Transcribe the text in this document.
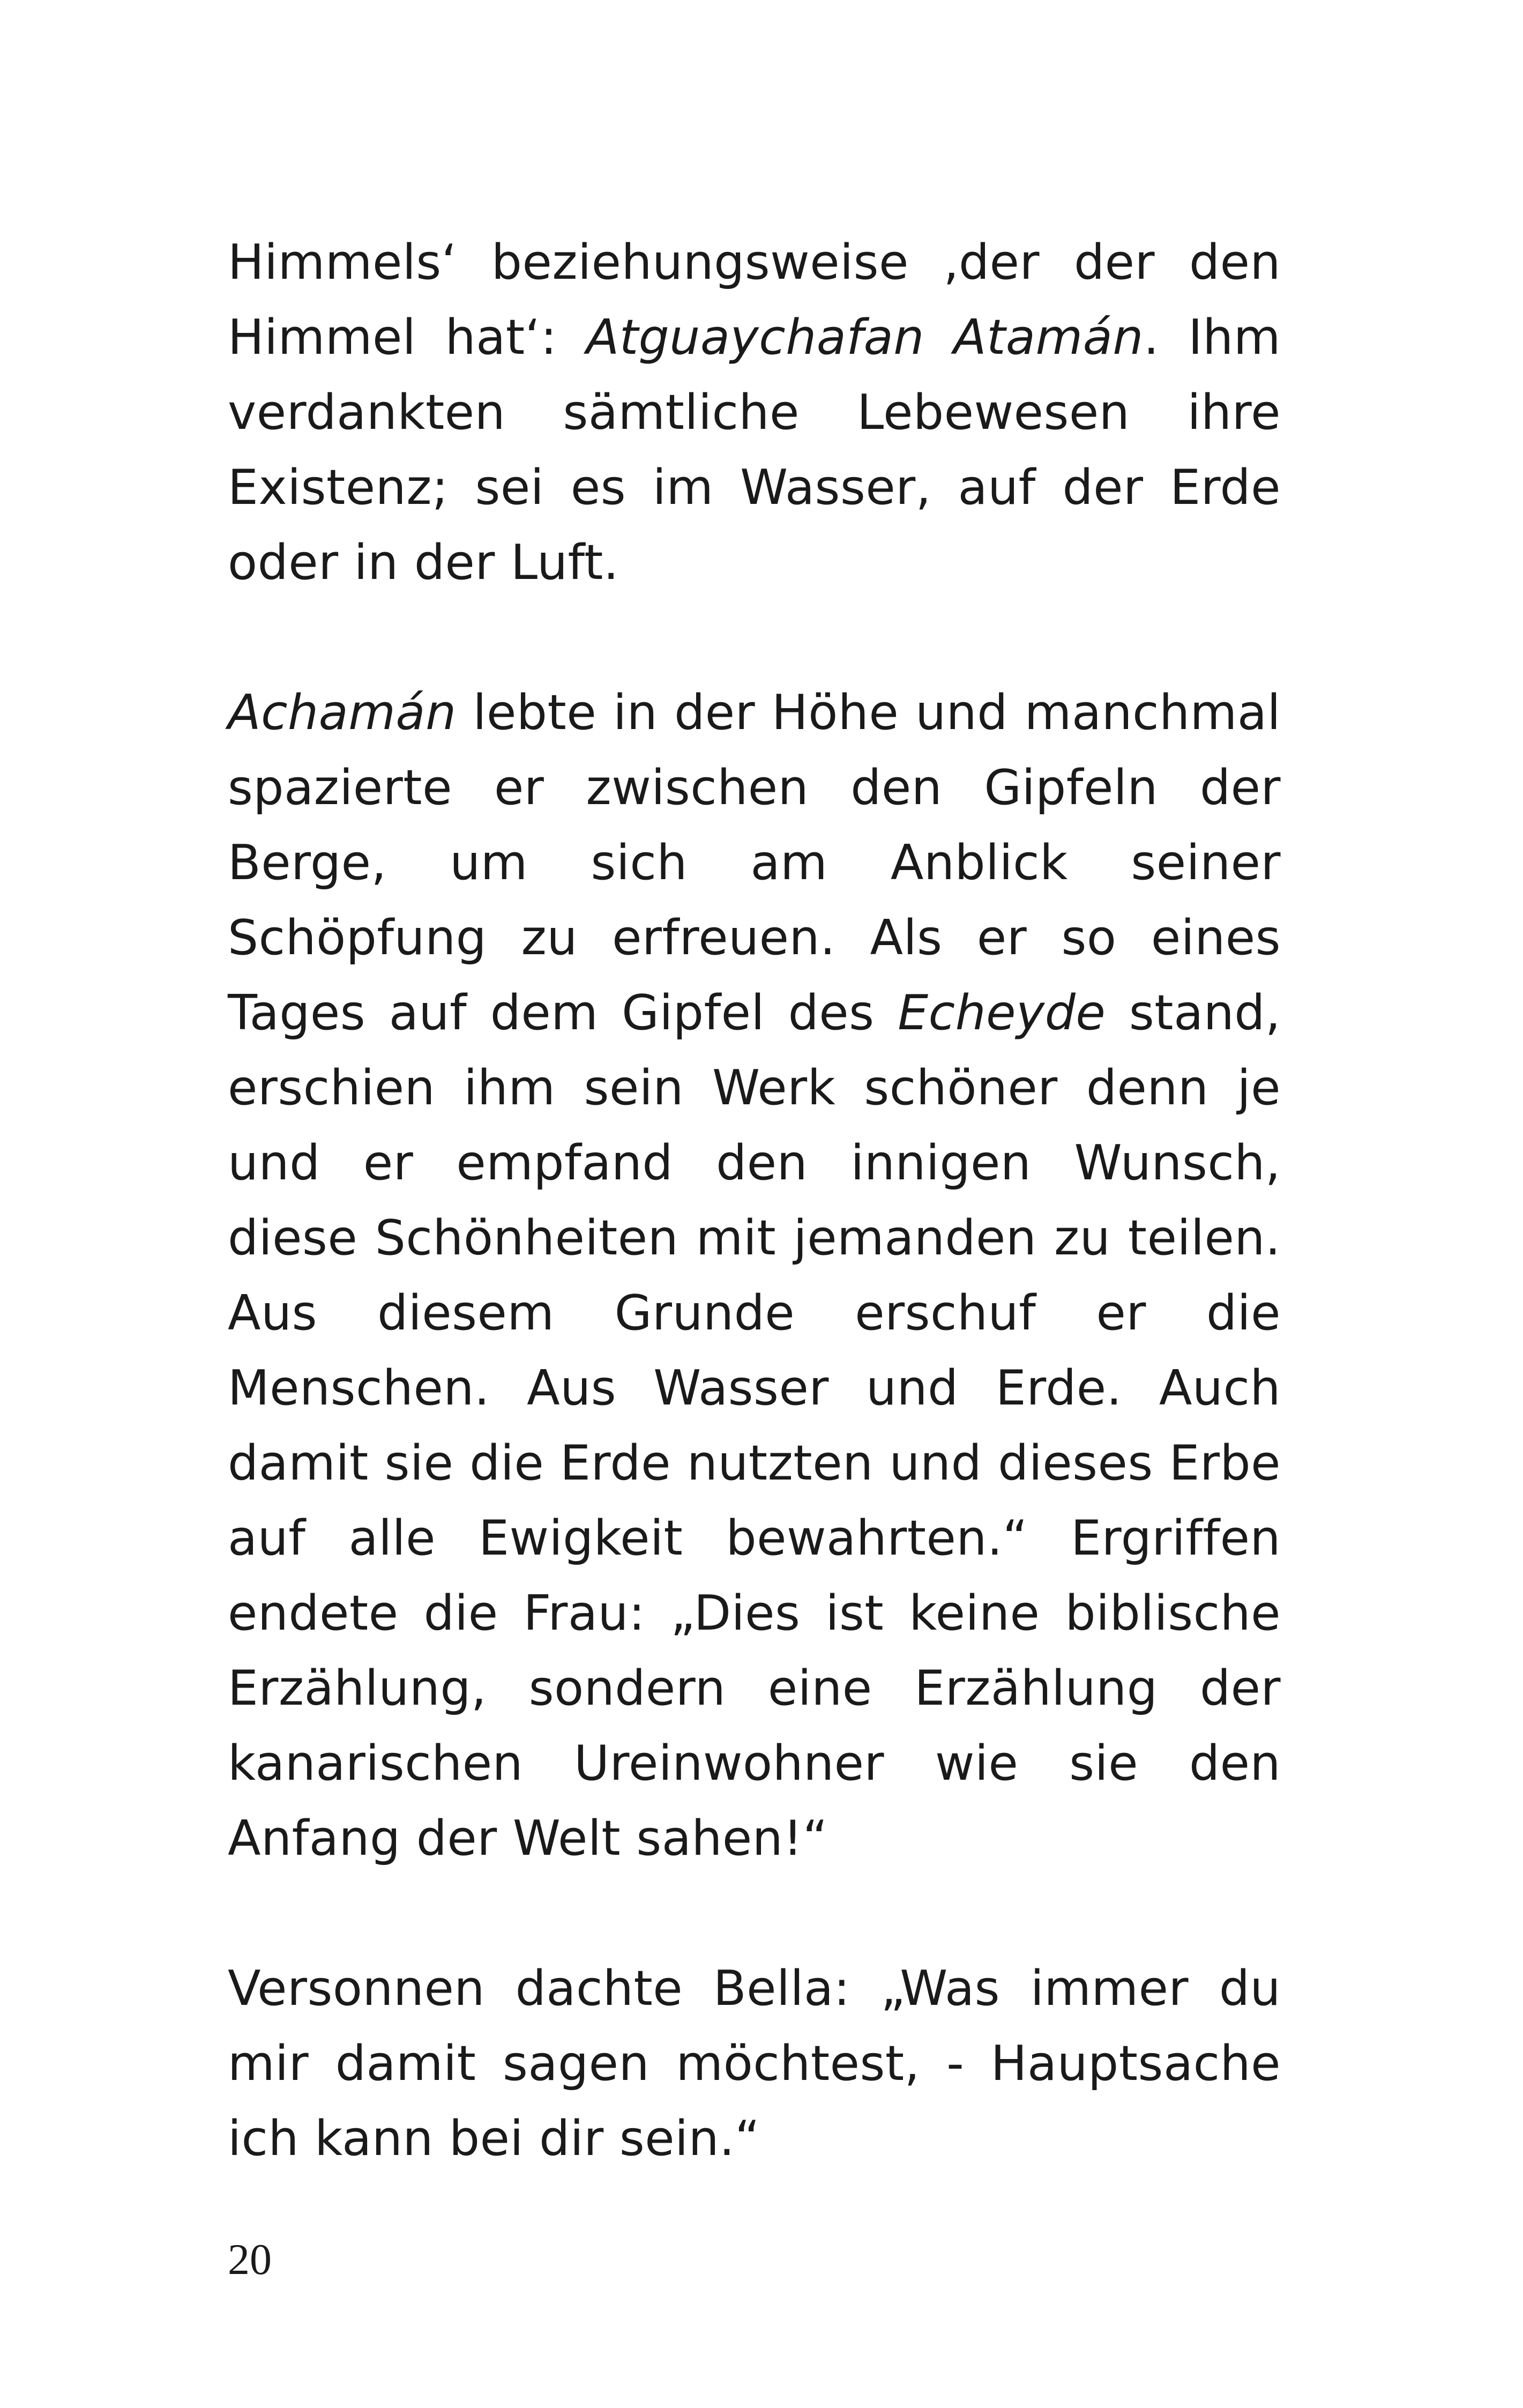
Himmels‘ beziehungsweise ‚der der den Himmel hat‘: Atguaychafan Atamán. Ihm verdankten sämtliche Lebewesen ihre Existenz; sei es im Wasser, auf der Erde oder in der Luft.

Achamán lebte in der Höhe und manchmal spazierte er zwischen den Gipfeln der Berge, um sich am Anblick seiner Schöpfung zu erfreuen. Als er so eines Tages auf dem Gipfel des Echeyde stand, erschien ihm sein Werk schöner denn je und er empfand den innigen Wunsch, diese Schönheiten mit jemanden zu teilen. Aus diesem Grunde erschuf er die Menschen. Aus Wasser und Erde. Auch damit sie die Erde nutzten und dieses Erbe auf alle Ewigkeit bewahrten.“ Ergriffen endete die Frau: „Dies ist keine biblische Erzählung, sondern eine Erzählung der kanarischen Ureinwohner wie sie den Anfang der Welt sahen!“

Versonnen dachte Bella: „Was immer du mir damit sagen möchtest, - Hauptsache ich kann bei dir sein.“

20
